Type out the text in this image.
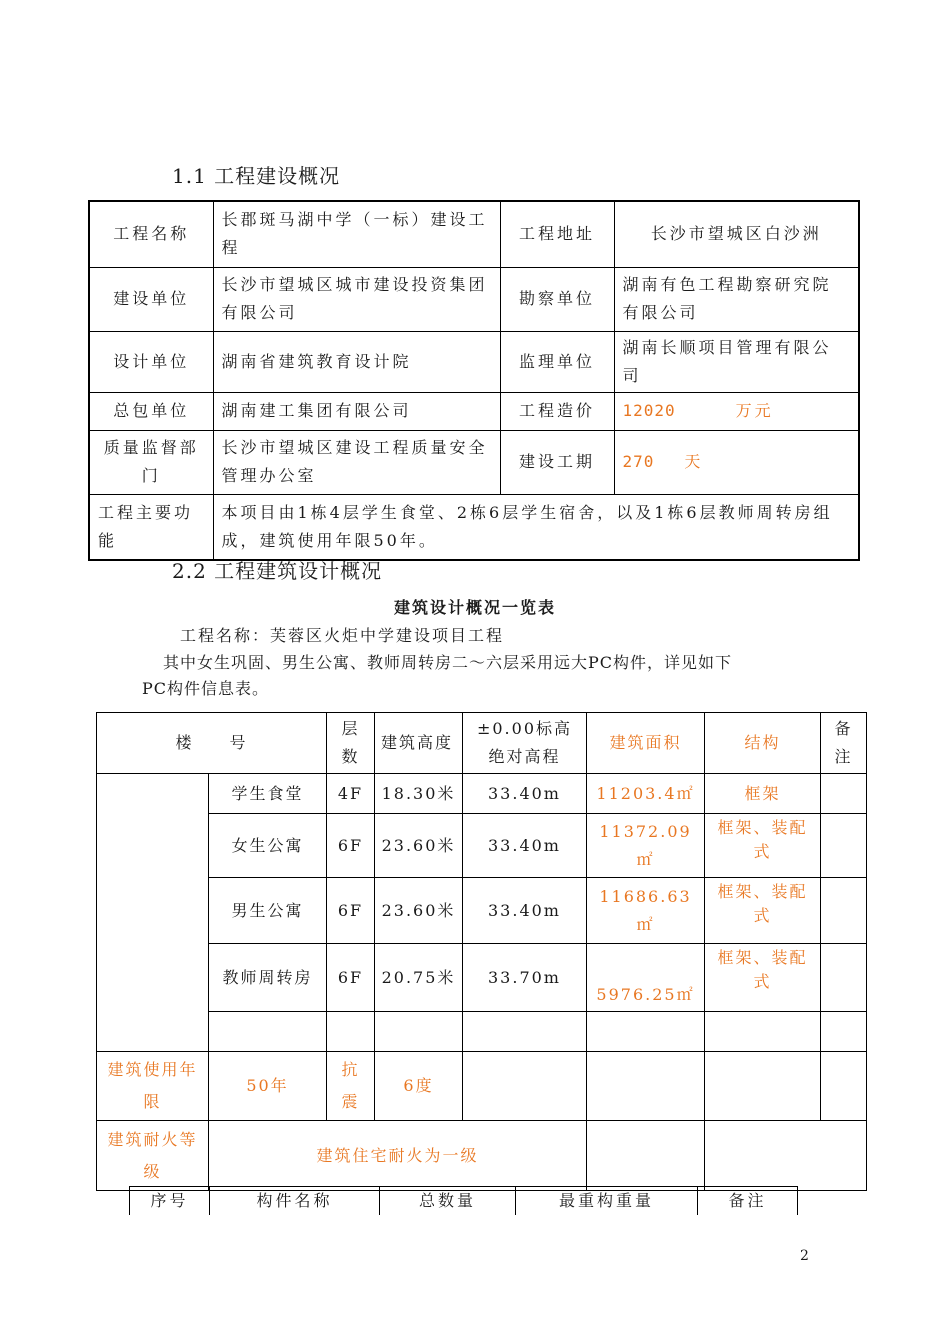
1.1 工程建设概况
工程名称	长郡斑马湖中学（一标）建设工程	工程地址	长沙市望城区白沙洲
建设单位	长沙市望城区城市建设投资集团有限公司	勘察单位	湖南有色工程勘察研究院有限公司
设计单位	湖南省建筑教育设计院	监理单位	湖南长顺项目管理有限公司
总包单位	湖南建工集团有限公司	工程造价	12020 万元
质量监督部门	长沙市望城区建设工程质量安全管理办公室	建设工期	270 天
工程主要功能	本项目由1栋4层学生食堂、2栋6层学生宿舍，以及1栋6层教师周转房组成，建筑使用年限50年。		
2.2 工程建筑设计概况
建筑设计概况一览表
工程名称：芙蓉区火炬中学建设项目工程
其中女生巩固、男生公寓、教师周转房二～六层采用远大PC构件，详见如下
PC构件信息表。
楼　　号		层数	建筑高度	±0.00标高绝对高程	建筑面积	结构	备注
	学生食堂	4F	18.30米	33.40m	11203.4㎡	框架	
	女生公寓	6F	23.60米	33.40m	11372.09㎡	框架、装配式	
	男生公寓	6F	23.60米	33.40m	11686.63㎡	框架、装配式	
	教师周转房	6F	20.75米	33.70m	5976.25㎡	框架、装配式	

建筑使用年限	50年	抗震	6度				
建筑耐火等级	建筑住宅耐火为一级						
序号	构件名称	总数量	最重构重量	备注
2
